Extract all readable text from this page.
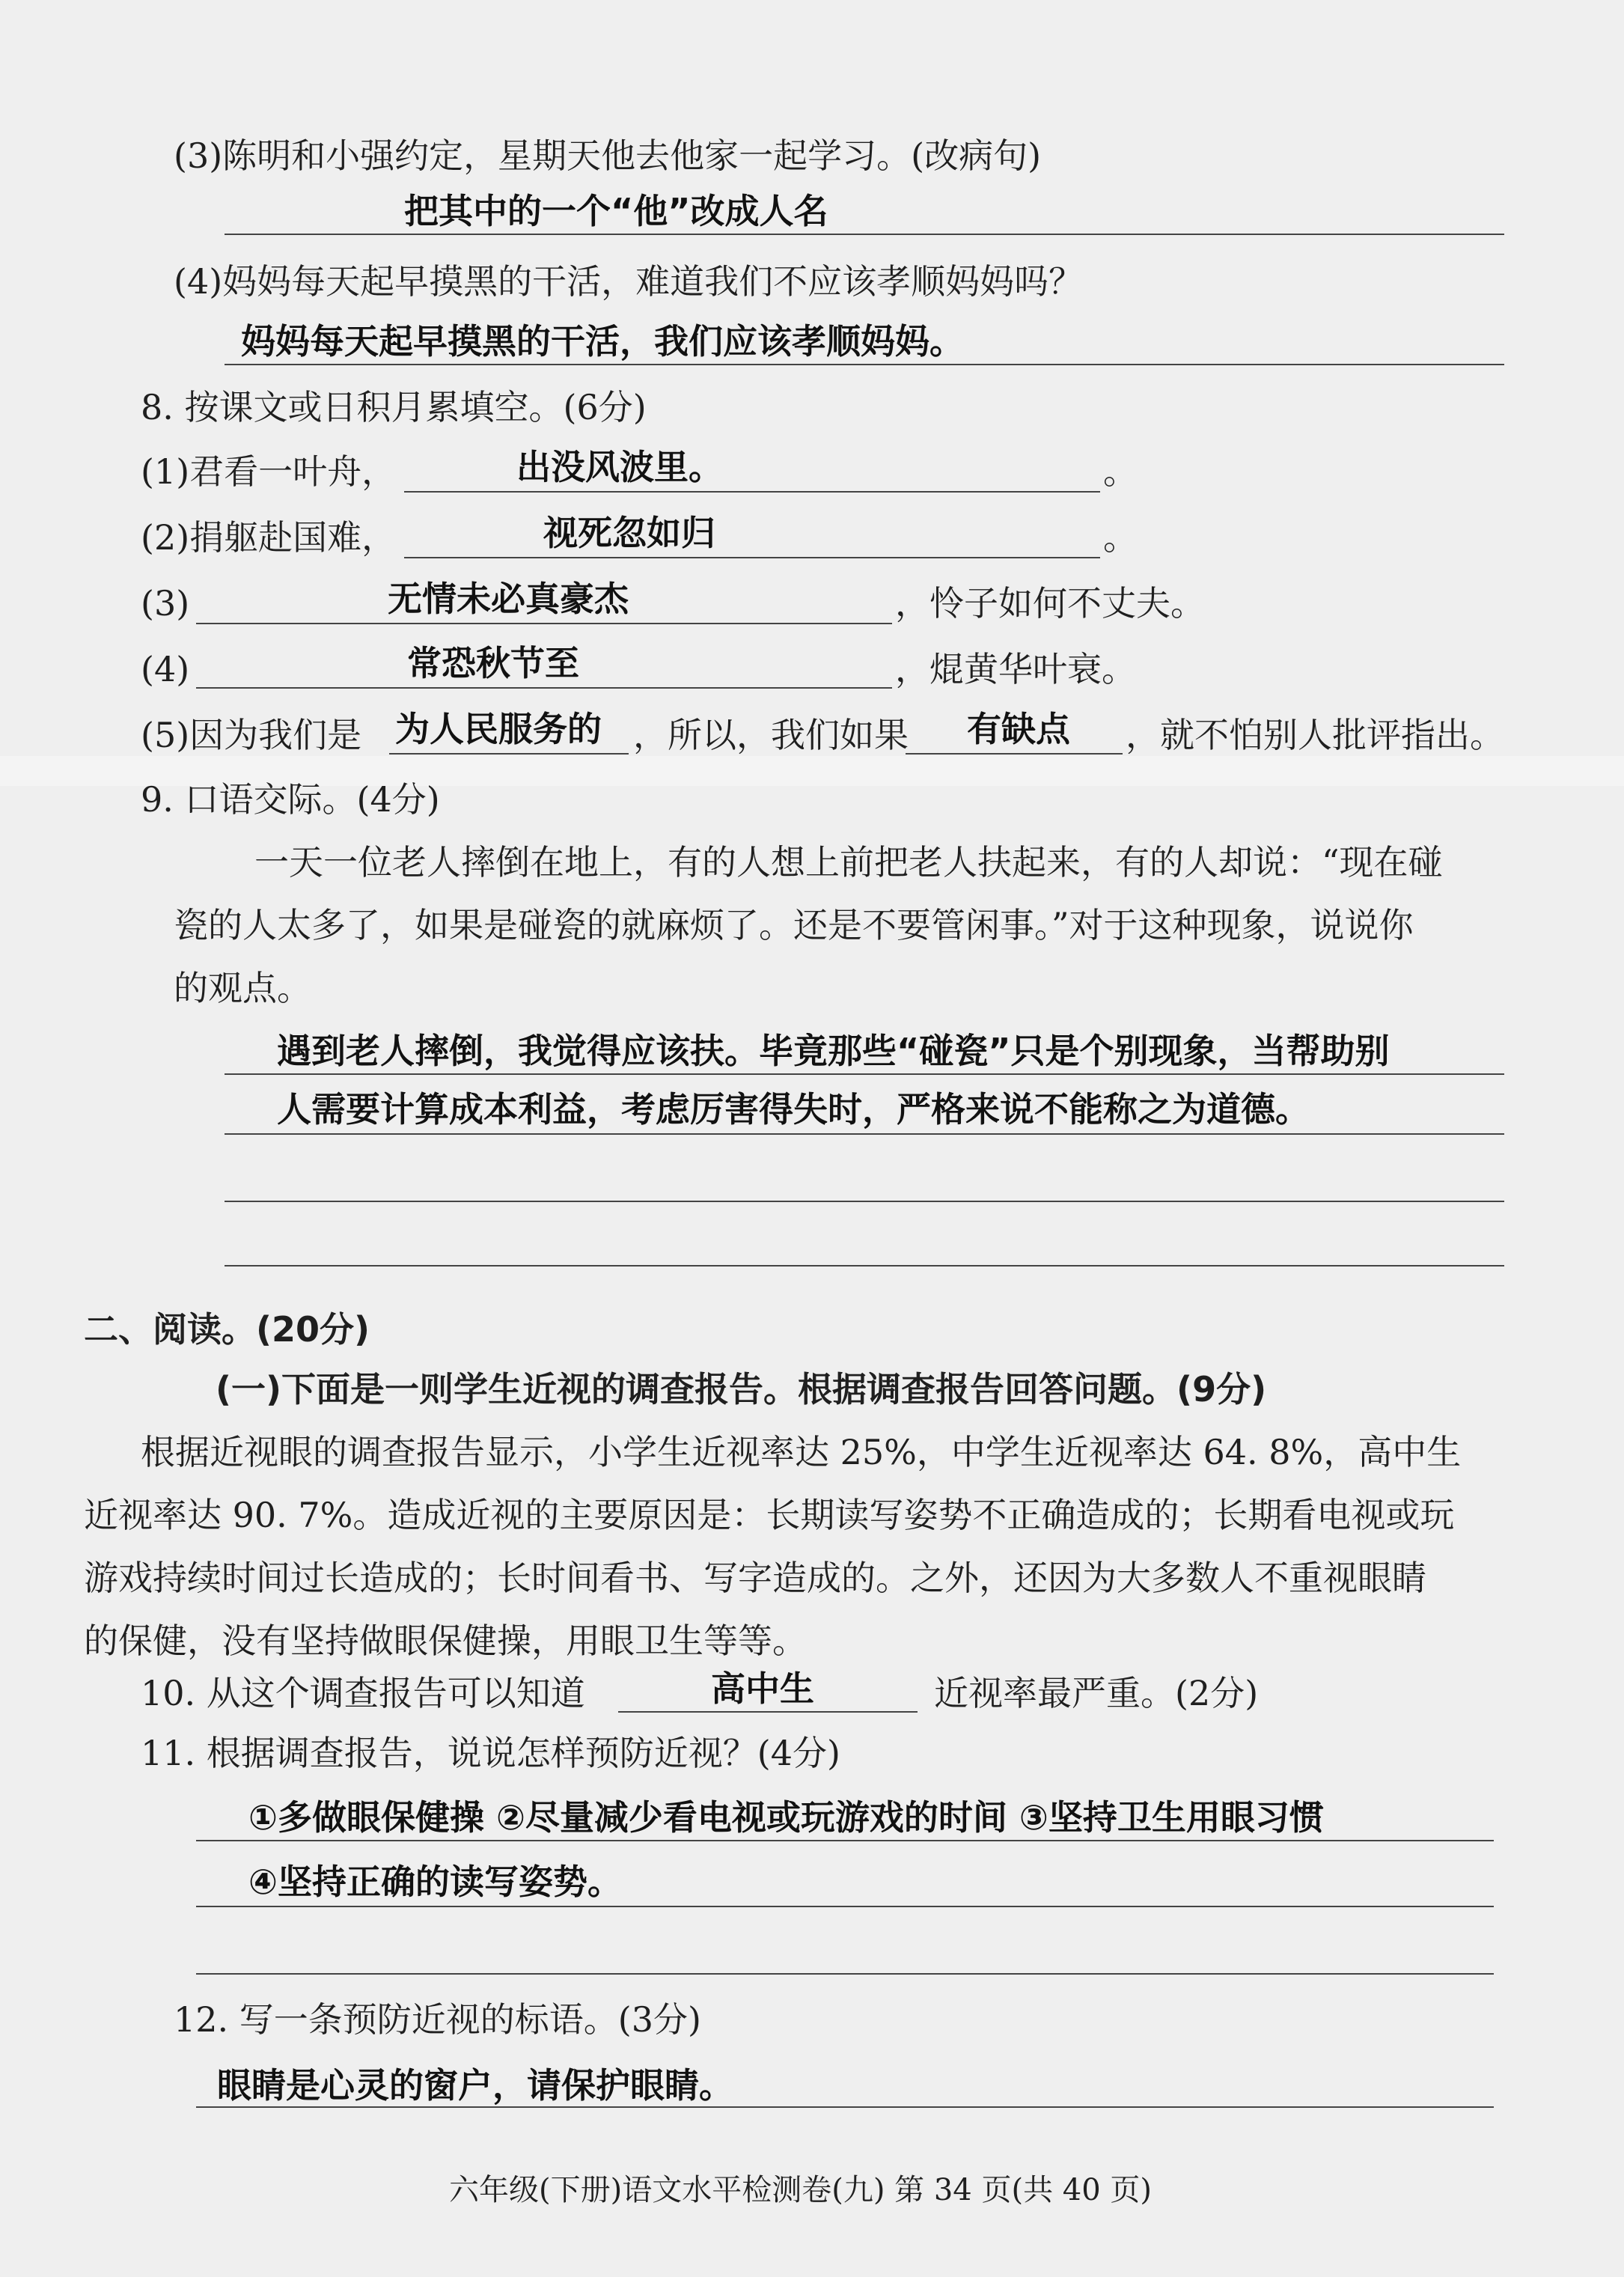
(3)陈明和小强约定，星期天他去他家一起学习。(改病句)
把其中的一个“他”改成人名
(4)妈妈每天起早摸黑的干活，难道我们不应该孝顺妈妈吗？
妈妈每天起早摸黑的干活，我们应该孝顺妈妈。
8. 按课文或日积月累填空。(6分)
(1)君看一叶舟，	出没风波里。	。
(2)捐躯赴国难，	视死忽如归	。
(3)	无情未必真豪杰	，怜子如何不丈夫。
(4)	常恐秋节至	，焜黄华叶衰。
(5)因为我们是 为人民服务的 ，所以，我们如果 有缺点 ，就不怕别人批评指出。
9. 口语交际。(4分)
一天一位老人摔倒在地上，有的人想上前把老人扶起来，有的人却说：“现在碰
瓷的人太多了，如果是碰瓷的就麻烦了。还是不要管闲事。”对于这种现象，说说你
的观点。
遇到老人摔倒，我觉得应该扶。毕竟那些“碰瓷”只是个别现象，当帮助别
人需要计算成本利益，考虑厉害得失时，严格来说不能称之为道德。
二、阅读。(20分)
(一)下面是一则学生近视的调查报告。根据调查报告回答问题。(9分)
根据近视眼的调查报告显示，小学生近视率达 25%，中学生近视率达 64. 8%，高中生
近视率达 90. 7%。造成近视的主要原因是：长期读写姿势不正确造成的；长期看电视或玩
游戏持续时间过长造成的；长时间看书、写字造成的。之外，还因为大多数人不重视眼睛
的保健，没有坚持做眼保健操，用眼卫生等等。
10. 从这个调查报告可以知道	高中生	近视率最严重。(2分)
11. 根据调查报告，说说怎样预防近视？(4分)
①多做眼保健操 ②尽量减少看电视或玩游戏的时间 ③坚持卫生用眼习惯
④坚持正确的读写姿势。
12. 写一条预防近视的标语。(3分)
眼睛是心灵的窗户，请保护眼睛。
六年级(下册)语文水平检测卷(九) 第 34 页(共 40 页)
